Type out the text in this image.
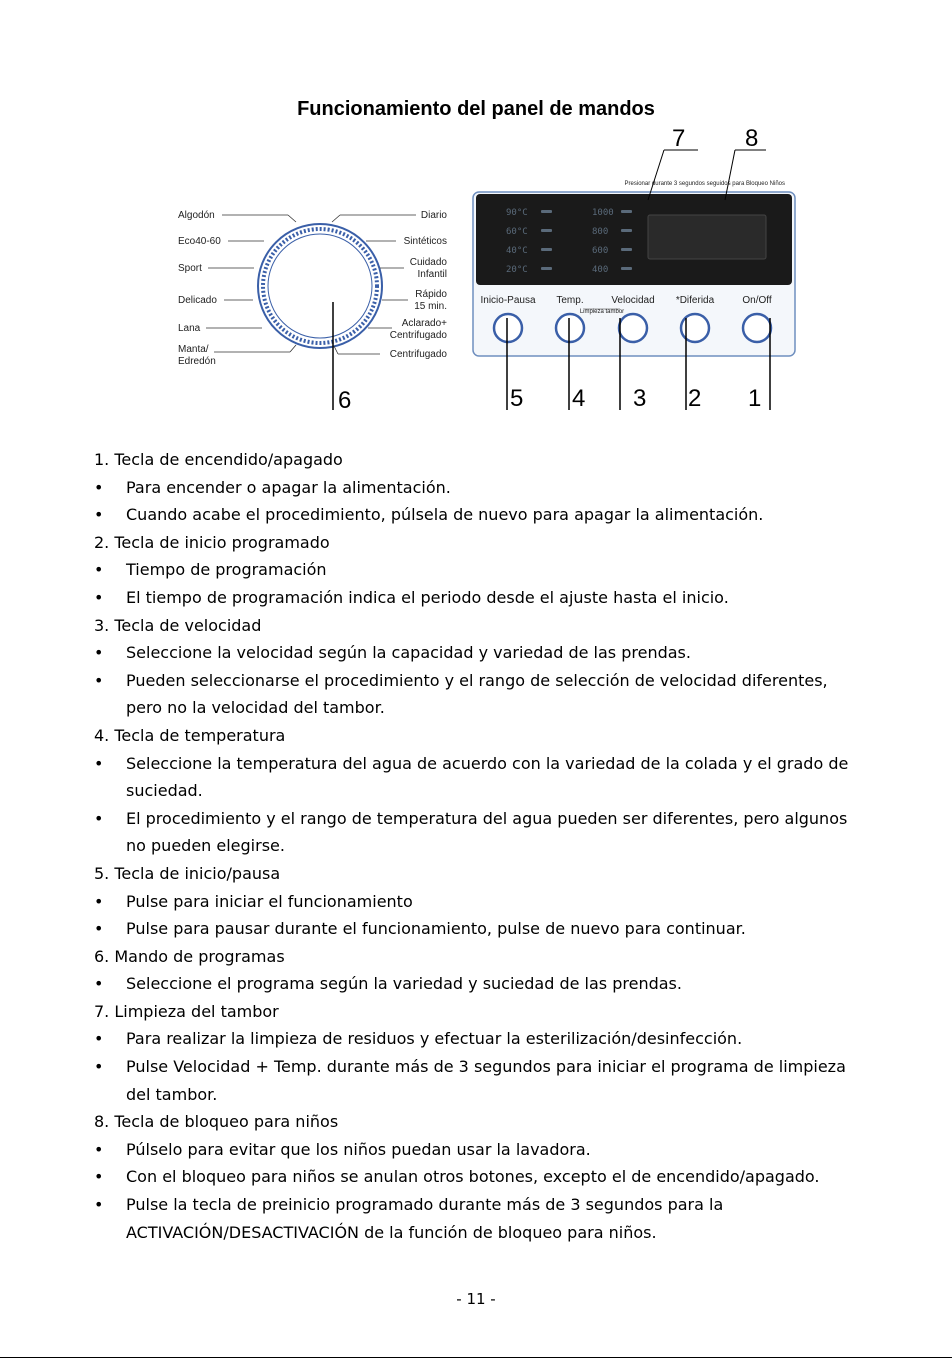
Funcionamiento del panel de mandos
Algodón
Eco40-60
Sport
Delicado
Lana
Manta/
Edredón
Diario
Sintéticos
Cuidado
Infantil
Rápido
15 min.
Aclarado+
Centrifugado
Centrifugado
6
90°C
60°C
40°C
20°C
1000
800
600
400
Inicio-Pausa Temp.	Velocidad *Diferida	On/Off
Limpieza tambor
Presionar durante 3 segundos seguidos para Bloqueo Niños
7 8
5 4 3 2 1
1. Tecla de encendido/apagado
• Para encender o apagar la alimentación.
• Cuando acabe el procedimiento, púlsela de nuevo para apagar la alimentación.
2. Tecla de inicio programado
• Tiempo de programación
• El tiempo de programación indica el periodo desde el ajuste hasta el inicio.
3. Tecla de velocidad
• Seleccione la velocidad según la capacidad y variedad de las prendas.
• Pueden seleccionarse el procedimiento y el rango de selección de velocidad diferentes, pero no la velocidad del tambor.
4. Tecla de temperatura
• Seleccione la temperatura del agua de acuerdo con la variedad de la colada y el grado de suciedad.
• El procedimiento y el rango de temperatura del agua pueden ser diferentes, pero algunos no pueden elegirse.
5. Tecla de inicio/pausa
• Pulse para iniciar el funcionamiento
• Pulse para pausar durante el funcionamiento, pulse de nuevo para continuar.
6. Mando de programas
• Seleccione el programa según la variedad y suciedad de las prendas.
7. Limpieza del tambor
• Para realizar la limpieza de residuos y efectuar la esterilización/desinfección.
• Pulse Velocidad + Temp. durante más de 3 segundos para iniciar el programa de limpieza del tambor.
8. Tecla de bloqueo para niños
• Púlselo para evitar que los niños puedan usar la lavadora.
• Con el bloqueo para niños se anulan otros botones, excepto el de encendido/apagado.
• Pulse la tecla de preinicio programado durante más de 3 segundos para la ACTIVACIÓN/DESACTIVACIÓN de la función de bloqueo para niños.
- 11 -
